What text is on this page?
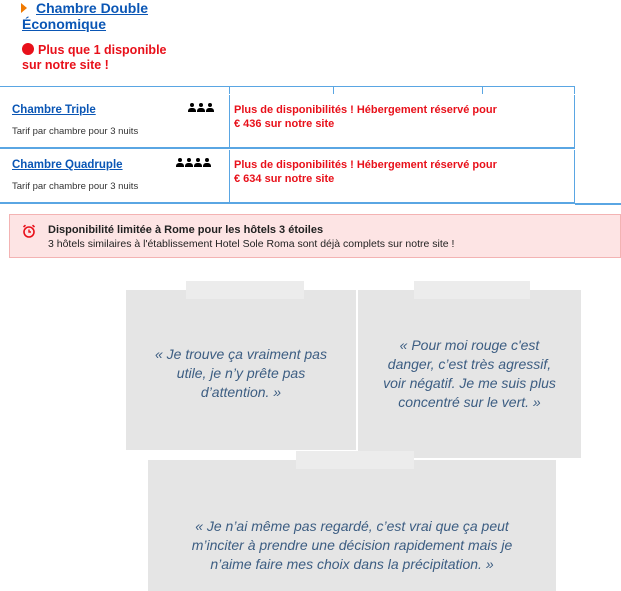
Chambre Double
Économique
Plus que 1 disponible
sur notre site !
Chambre Triple
Tarif par chambre pour 3 nuits
Plus de disponibilités ! Hébergement réservé pour
€ 436 sur notre site
Chambre Quadruple
Tarif par chambre pour 3 nuits
Plus de disponibilités ! Hébergement réservé pour
€ 634 sur notre site
Disponibilité limitée à Rome pour les hôtels 3 étoiles
3 hôtels similaires à l'établissement Hotel Sole Roma sont déjà complets sur notre site !
« Je trouve ça vraiment pas
utile, je n’y prête pas
d’attention. »
« Pour moi rouge c'est
danger, c’est très agressif,
voir négatif. Je me suis plus
concentré sur le vert. »
« Je n’ai même pas regardé, c’est vrai que ça peut
m’inciter à prendre une décision rapidement mais je
n’aime faire mes choix dans la précipitation. »
